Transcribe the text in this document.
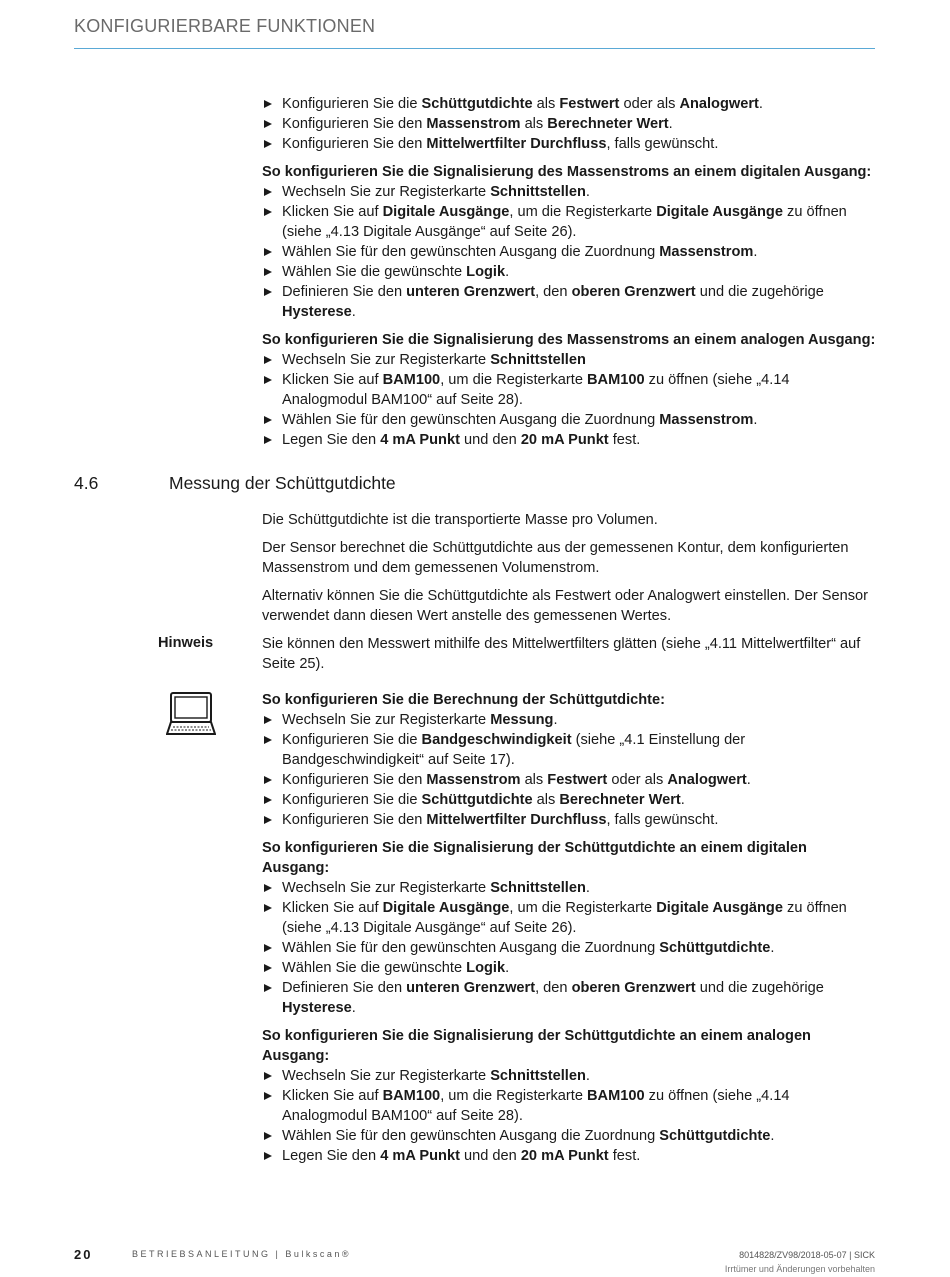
KONFIGURIERBARE FUNKTIONEN
Konfigurieren Sie die Schüttgutdichte als Festwert oder als Analogwert.
Konfigurieren Sie den Massenstrom als Berechneter Wert.
Konfigurieren Sie den Mittelwertfilter Durchfluss, falls gewünscht.

So konfigurieren Sie die Signalisierung des Massenstroms an einem digitalen Ausgang:

Wechseln Sie zur Registerkarte Schnittstellen.
Klicken Sie auf Digitale Ausgänge, um die Registerkarte Digitale Ausgänge zu öffnen (siehe „4.13 Digitale Ausgänge“ auf Seite 26).
Wählen Sie für den gewünschten Ausgang die Zuordnung Massenstrom.
Wählen Sie die gewünschte Logik.
Definieren Sie den unteren Grenzwert, den oberen Grenzwert und die zugehörige Hysterese.

So konfigurieren Sie die Signalisierung des Massenstroms an einem analogen Ausgang:

Wechseln Sie zur Registerkarte Schnittstellen
Klicken Sie auf BAM100, um die Registerkarte BAM100 zu öffnen (siehe „4.14 Analogmodul BAM100“ auf Seite 28).
Wählen Sie für den gewünschten Ausgang die Zuordnung Massenstrom.
Legen Sie den 4 mA Punkt und den 20 mA Punkt fest.
4.6	Messung der Schüttgutdichte

Die Schüttgutdichte ist die transportierte Masse pro Volumen.

Der Sensor berechnet die Schüttgutdichte aus der gemessenen Kontur, dem konfigurierten Massenstrom und dem gemessenen Volumenstrom.

Alternativ können Sie die Schüttgutdichte als Festwert oder Analogwert einstellen. Der Sensor verwendet dann diesen Wert anstelle des gemessenen Wertes.

Hinweis	Sie können den Messwert mithilfe des Mittelwertfilters glätten (siehe „4.11 Mittelwertfilter“ auf Seite 25).

So konfigurieren Sie die Berechnung der Schüttgutdichte:

Wechseln Sie zur Registerkarte Messung.
Konfigurieren Sie die Bandgeschwindigkeit (siehe „4.1 Einstellung der Bandgeschwindigkeit“ auf Seite 17).
Konfigurieren Sie den Massenstrom als Festwert oder als Analogwert.
Konfigurieren Sie die Schüttgutdichte als Berechneter Wert.
Konfigurieren Sie den Mittelwertfilter Durchfluss, falls gewünscht.

So konfigurieren Sie die Signalisierung der Schüttgutdichte an einem digitalen Ausgang:

Wechseln Sie zur Registerkarte Schnittstellen.
Klicken Sie auf Digitale Ausgänge, um die Registerkarte Digitale Ausgänge zu öffnen (siehe „4.13 Digitale Ausgänge“ auf Seite 26).
Wählen Sie für den gewünschten Ausgang die Zuordnung Schüttgutdichte.
Wählen Sie die gewünschte Logik.
Definieren Sie den unteren Grenzwert, den oberen Grenzwert und die zugehörige Hysterese.

So konfigurieren Sie die Signalisierung der Schüttgutdichte an einem analogen Ausgang:

Wechseln Sie zur Registerkarte Schnittstellen.
Klicken Sie auf BAM100, um die Registerkarte BAM100 zu öffnen (siehe „4.14 Analogmodul BAM100“ auf Seite 28).
Wählen Sie für den gewünschten Ausgang die Zuordnung Schüttgutdichte.
Legen Sie den 4 mA Punkt und den 20 mA Punkt fest.
20	BETRIEBSANLEITUNG | Bulkscan®	8014828/ZV98/2018-05-07 | SICK
Irrtümer und Änderungen vorbehalten
